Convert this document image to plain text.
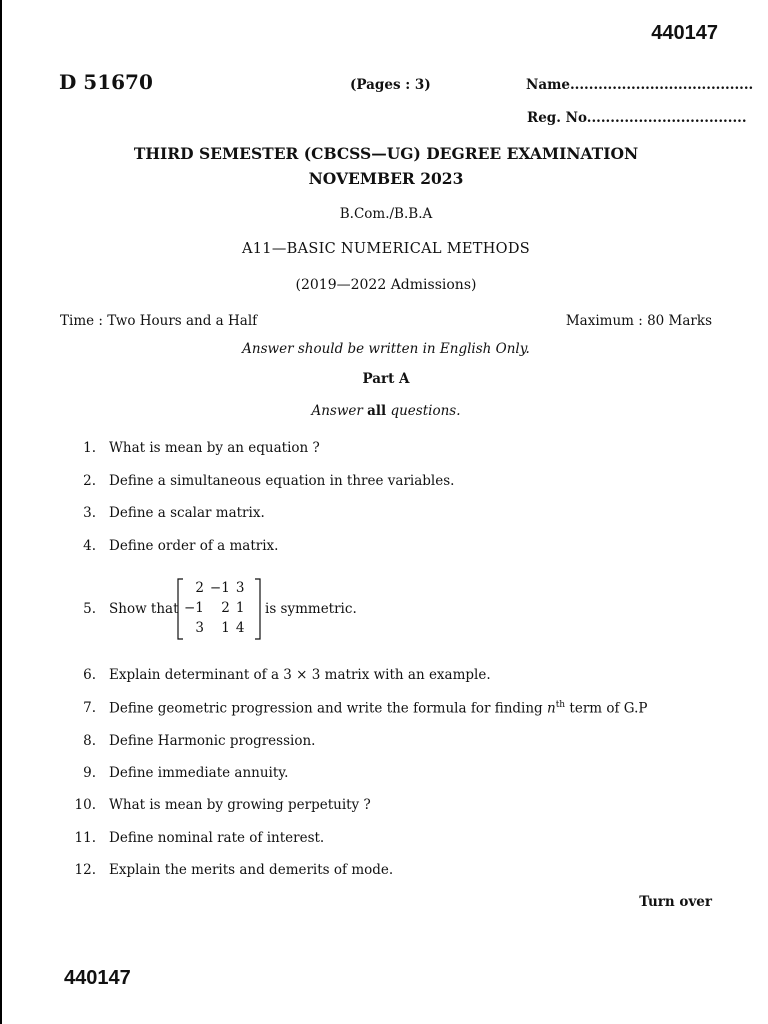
440147
D 51670	(Pages : 3)	Name.......................................
Reg. No..................................
THIRD SEMESTER (CBCSS—UG) DEGREE EXAMINATION
NOVEMBER 2023
B.Com./B.B.A
A11—BASIC NUMERICAL METHODS
(2019—2022 Admissions)
Time : Two Hours and a Half	Maximum : 80 Marks
Answer should be written in English Only.
Part A
Answer all questions.
1. What is mean by an equation ?
2. Define a simultaneous equation in three variables.
3. Define a scalar matrix.
4. Define order of a matrix.
5. Show that
2	−1	3
−1	2	1
3	1	4
is symmetric.
6. Explain determinant of a 3 × 3 matrix with an example.
7. Define geometric progression and write the formula for finding $n^{th}$ term of G.P
8. Define Harmonic progression.
9. Define immediate annuity.
10. What is mean by growing perpetuity ?
11. Define nominal rate of interest.
12. Explain the merits and demerits of mode.
Turn over
440147
